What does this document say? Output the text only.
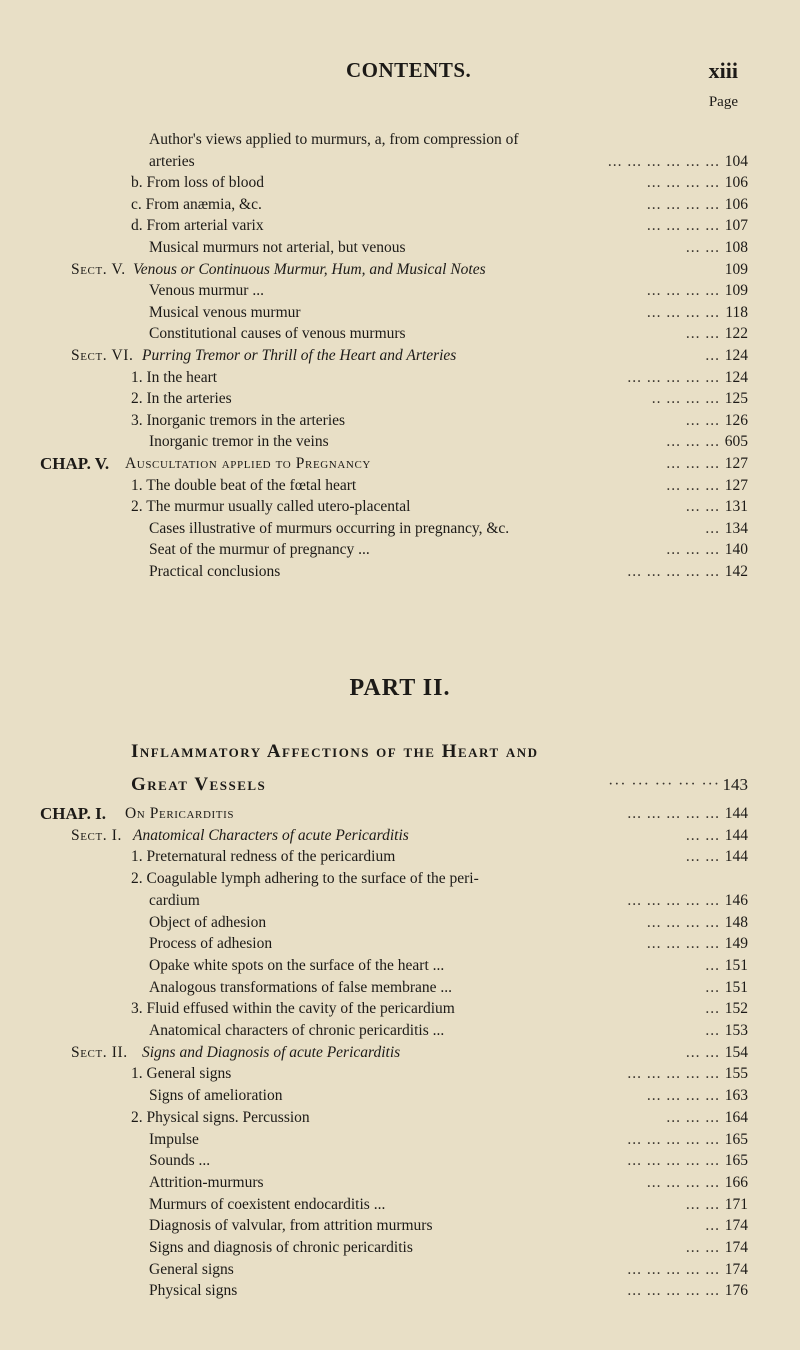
CONTENTS.	xiii
Page
Author's views applied to murmurs, a, from compression of
arteries	... ... ... ... ... ... 104
b. From loss of blood	... ... ... ... 106
c. From anæmia, &c.	... ... ... ... 106
d. From arterial varix	... ... ... ... 107
Musical murmurs not arterial, but venous	... ... 108
Sect. V. Venous or Continuous Murmur, Hum, and Musical Notes	109
Venous murmur ...	... ... ... ... 109
Musical venous murmur	... ... ... ... 118
Constitutional causes of venous murmurs	... ... 122
Sect. VI. Purring Tremor or Thrill of the Heart and Arteries	... 124
1. In the heart	... ... ... ... ... 124
2. In the arteries	.. ... ... ... 125
3. Inorganic tremors in the arteries	... ... 126
Inorganic tremor in the veins	... ... ... 605
CHAP. V. Auscultation applied to Pregnancy	... ... ... 127
1. The double beat of the fœtal heart	... ... ... 127
2. The murmur usually called utero-placental	... ... 131
Cases illustrative of murmurs occurring in pregnancy, &c.	... 134
Seat of the murmur of pregnancy ...	... ... ... 140
Practical conclusions	... ... ... ... ... 142
PART II.
Inflammatory Affections of the Heart and
Great Vessels	··· ··· ··· ··· ··· 143
CHAP. I. On Pericarditis	... ... ... ... ... 144
Sect. I. Anatomical Characters of acute Pericarditis	... ... 144
1. Preternatural redness of the pericardium	... ... 144
2. Coagulable lymph adhering to the surface of the peri-
cardium	... ... ... ... ... 146
Object of adhesion	... ... ... ... 148
Process of adhesion	... ... ... ... 149
Opake white spots on the surface of the heart ...	... 151
Analogous transformations of false membrane ...	... 151
3. Fluid effused within the cavity of the pericardium	... 152
Anatomical characters of chronic pericarditis ...	... 153
Sect. II. Signs and Diagnosis of acute Pericarditis	... ... 154
1. General signs	... ... ... ... ... 155
Signs of amelioration	... ... ... ... 163
2. Physical signs. Percussion	... ... ... 164
Impulse	... ... ... ... ... 165
Sounds ...	... ... ... ... ... 165
Attrition-murmurs	... ... ... ... 166
Murmurs of coexistent endocarditis ...	... ... 171
Diagnosis of valvular, from attrition murmurs	... 174
Signs and diagnosis of chronic pericarditis	... ... 174
General signs	... ... ... ... ... 174
Physical signs	... ... ... ... ... 176
